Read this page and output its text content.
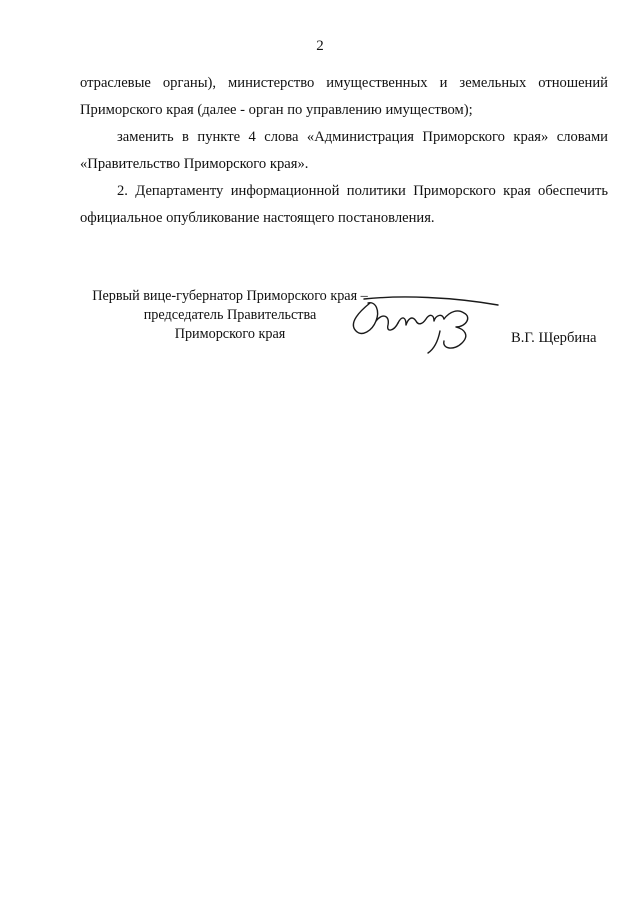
2

отраслевые органы), министерство имущественных и земельных отношений Приморского края (далее - орган по управлению имуществом);

заменить в пункте 4 слова «Администрация Приморского края» словами «Правительство Приморского края».

2. Департаменту информационной политики Приморского края обеспечить официальное опубликование настоящего постановления.

Первый вице-губернатор Приморского края –
председатель Правительства
Приморского края	В.Г. Щербина
